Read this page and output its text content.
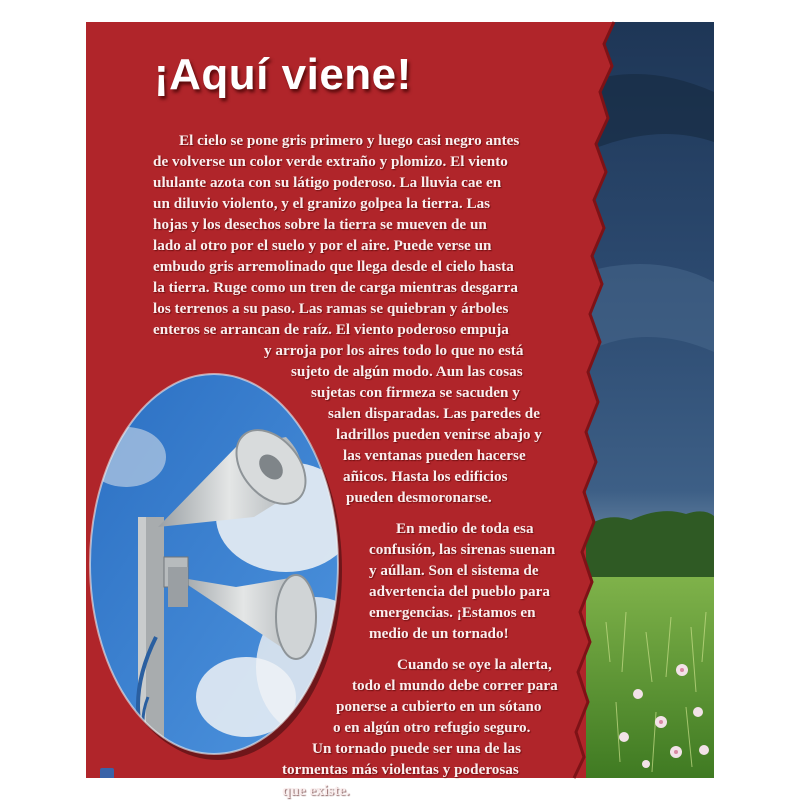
¡Aquí viene!
El cielo se pone gris primero y luego casi negro antes
de volverse un color verde extraño y plomizo. El viento
ululante azota con su látigo poderoso. La lluvia cae en
un diluvio violento, y el granizo golpea la tierra. Las
hojas y los desechos sobre la tierra se mueven de un
lado al otro por el suelo y por el aire. Puede verse un
embudo gris arremolinado que llega desde el cielo hasta
la tierra. Ruge como un tren de carga mientras desgarra
los terrenos a su paso. Las ramas se quiebran y árboles
enteros se arrancan de raíz. El viento poderoso empuja
y arroja por los aires todo lo que no está
sujeto de algún modo. Aun las cosas
sujetas con firmeza se sacuden y
salen disparadas. Las paredes de
ladrillos pueden venirse abajo y
las ventanas pueden hacerse
añicos. Hasta los edificios
pueden desmoronarse.
En medio de toda esa
confusión, las sirenas suenan
y aúllan. Son el sistema de
advertencia del pueblo para
emergencias. ¡Estamos en
medio de un tornado!
Cuando se oye la alerta,
todo el mundo debe correr para
ponerse a cubierto en un sótano
o en algún otro refugio seguro.
Un tornado puede ser una de las
tormentas más violentas y poderosas
que existe.
